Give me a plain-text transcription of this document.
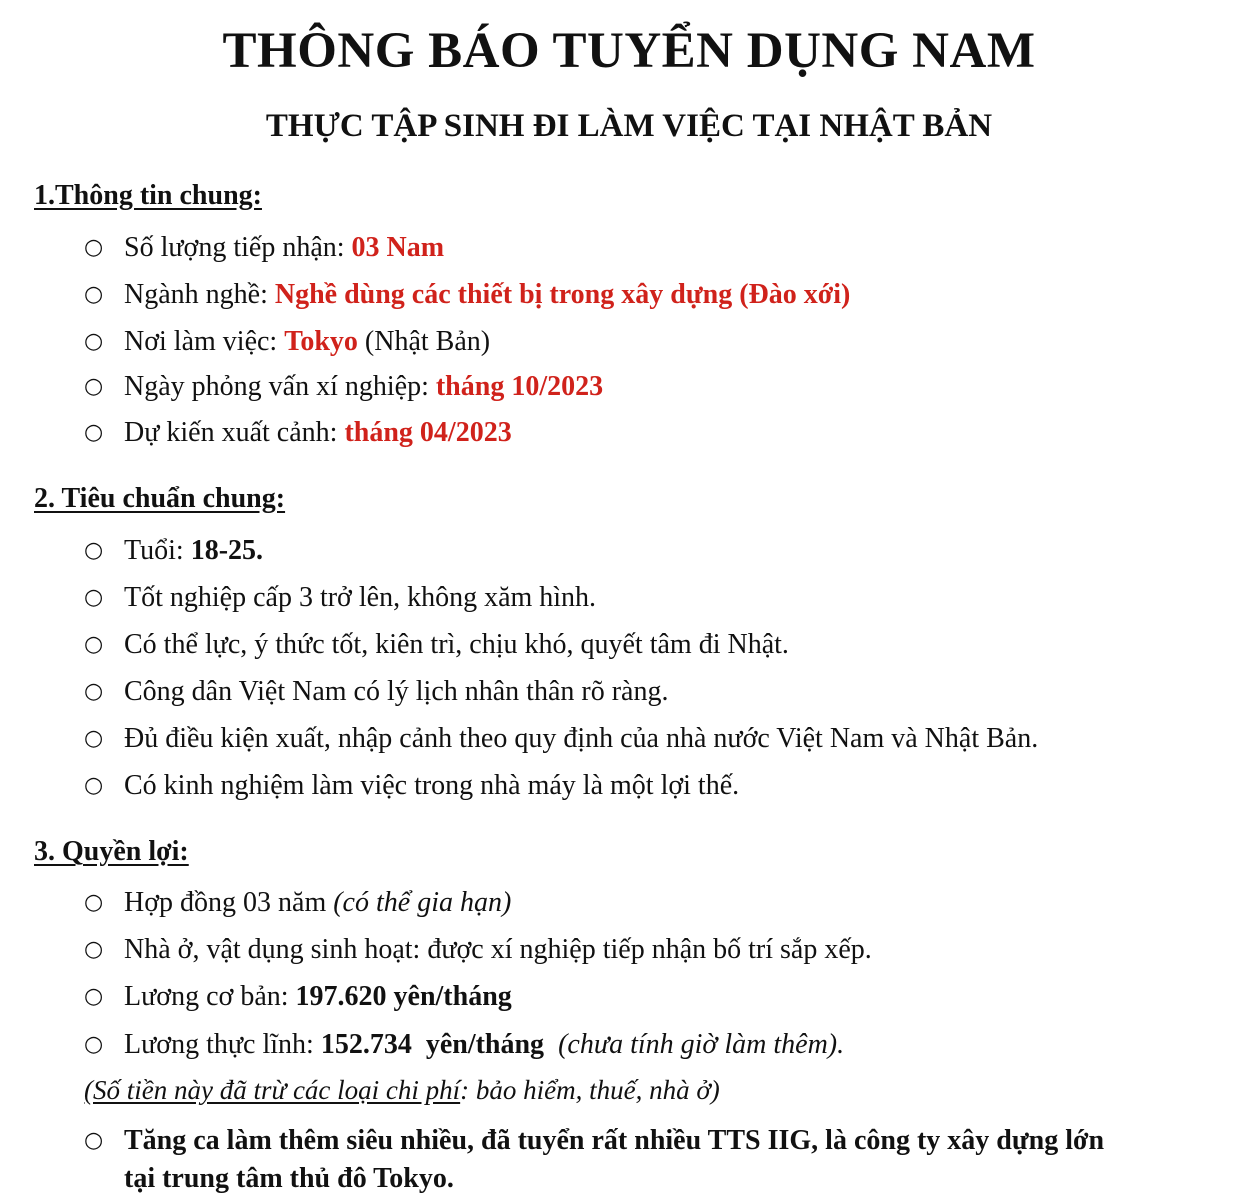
THÔNG BÁO TUYỂN DỤNG NAM
THỰC TẬP SINH ĐI LÀM VIỆC TẠI NHẬT BẢN
1.Thông tin chung:
○ Số lượng tiếp nhận: 03 Nam
○ Ngành nghề: Nghề dùng các thiết bị trong xây dựng (Đào xới)
○ Nơi làm việc: Tokyo (Nhật Bản)
○ Ngày phỏng vấn xí nghiệp: tháng 10/2023
○ Dự kiến xuất cảnh: tháng 04/2023
2. Tiêu chuẩn chung:
○ Tuổi: 18-25.
○ Tốt nghiệp cấp 3 trở lên, không xăm hình.
○ Có thể lực, ý thức tốt, kiên trì, chịu khó, quyết tâm đi Nhật.
○ Công dân Việt Nam có lý lịch nhân thân rõ ràng.
○ Đủ điều kiện xuất, nhập cảnh theo quy định của nhà nước Việt Nam và Nhật Bản.
○ Có kinh nghiệm làm việc trong nhà máy là một lợi thế.
3. Quyền lợi:
○ Hợp đồng 03 năm (có thể gia hạn)
○ Nhà ở, vật dụng sinh hoạt: được xí nghiệp tiếp nhận bố trí sắp xếp.
○ Lương cơ bản: 197.620 yên/tháng
○ Lương thực lĩnh: 152.734  yên/tháng  (chưa tính giờ làm thêm).
(Số tiền này đã trừ các loại chi phí: bảo hiểm, thuế, nhà ở)
○ Tăng ca làm thêm siêu nhiều, đã tuyển rất nhiều TTS IIG, là công ty xây dựng lớn
tại trung tâm thủ đô Tokyo.
